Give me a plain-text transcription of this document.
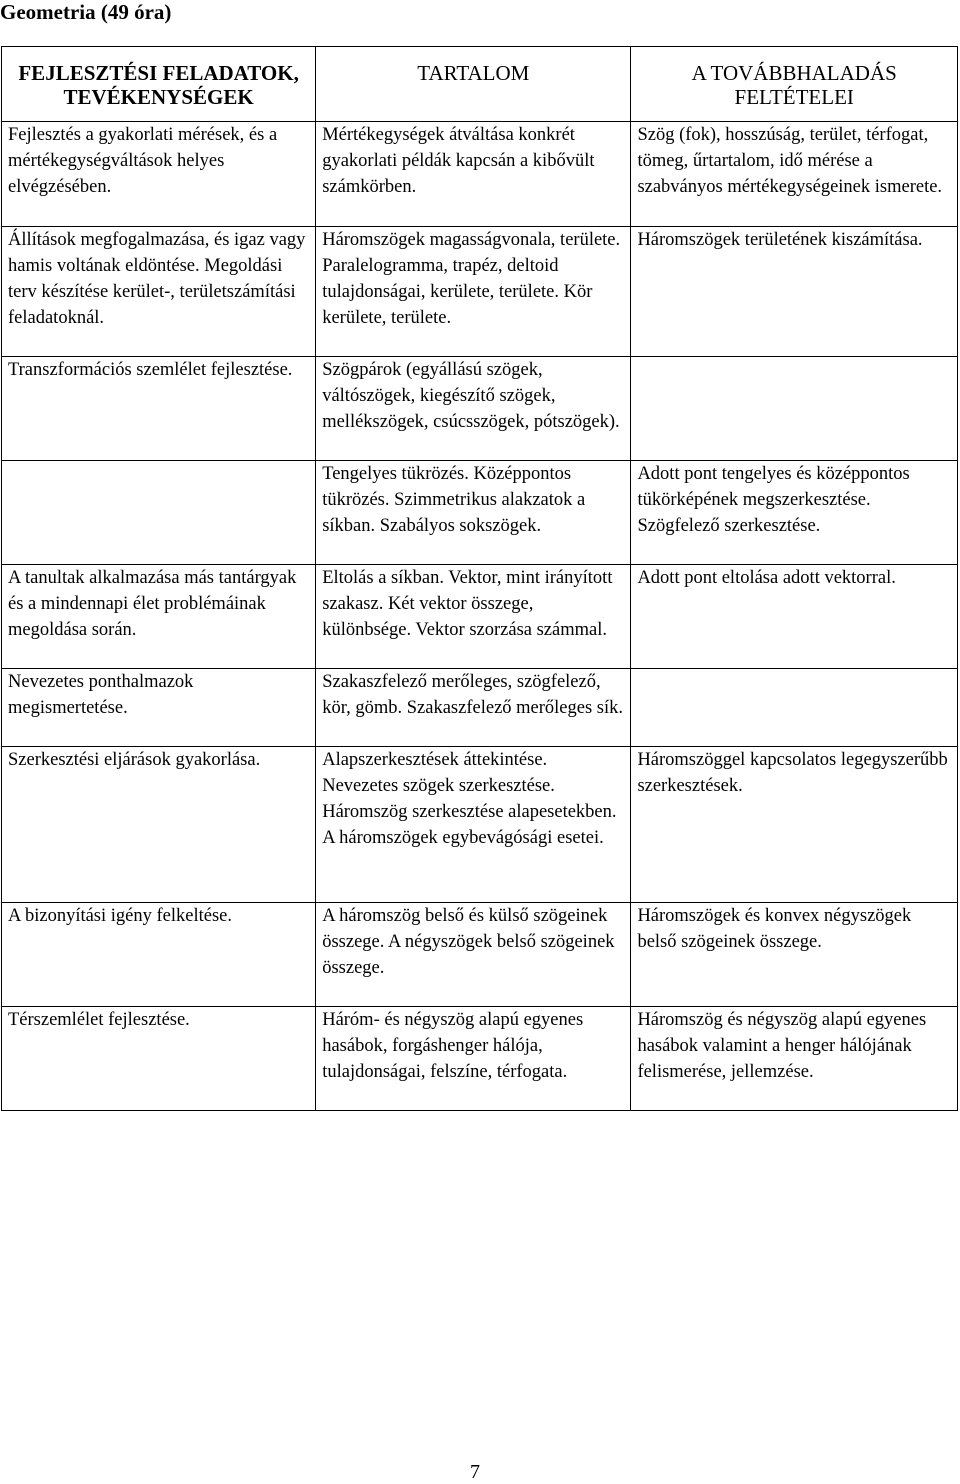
Geometria (49 óra)
FEJLESZTÉSI FELADATOK, TEVÉKENYSÉGEK	TARTALOM	A TOVÁBBHALADÁS FELTÉTELEI
Fejlesztés a gyakorlati mérések, és a mértékegységváltások helyes elvégzésében.	Mértékegységek átváltása konkrét gyakorlati példák kapcsán a kibővült számkörben.	Szög (fok), hosszúság, terület, térfogat, tömeg, űrtartalom, idő mérése a szabványos mértékegységeinek ismerete.
Állítások megfogalmazása, és igaz vagy hamis voltának eldöntése. Megoldási terv készítése kerület-, területszámítási feladatoknál.	Háromszögek magasságvonala, területe. Paralelogramma, trapéz, deltoid tulajdonságai, kerülete, területe. Kör kerülete, területe.	Háromszögek területének kiszámítása.
Transzformációs szemlélet fejlesztése.	Szögpárok (egyállású szögek, váltószögek, kiegészítő szögek, mellékszögek, csúcsszögek, pótszögek).	
	Tengelyes tükrözés. Középpontos tükrözés. Szimmetrikus alakzatok a síkban. Szabályos sokszögek.	Adott pont tengelyes és középpontos tükörképének megszerkesztése. Szögfelező szerkesztése.
A tanultak alkalmazása más tantárgyak és a mindennapi élet problémáinak megoldása során.	Eltolás a síkban. Vektor, mint irányított szakasz. Két vektor összege, különbsége. Vektor szorzása számmal.	Adott pont eltolása adott vektorral.
Nevezetes ponthalmazok megismertetése.	Szakaszfelező merőleges, szögfelező, kör, gömb. Szakaszfelező merőleges sík.	
Szerkesztési eljárások gyakorlása.	Alapszerkesztések áttekintése. Nevezetes szögek szerkesztése. Háromszög szerkesztése alapesetekben. A háromszögek egybevágósági esetei.	Háromszöggel kapcsolatos legegyszerűbb szerkesztések.
A bizonyítási igény felkeltése.	A háromszög belső és külső szögeinek összege. A négyszögek belső szögeinek összege.	Háromszögek és konvex négyszögek belső szögeinek összege.
Térszemlélet fejlesztése.	Háróm- és négyszög alapú egyenes hasábok, forgáshenger hálója, tulajdonságai, felszíne, térfogata.	Háromszög és négyszög alapú egyenes hasábok valamint a henger hálójának felismerése, jellemzése.
7
